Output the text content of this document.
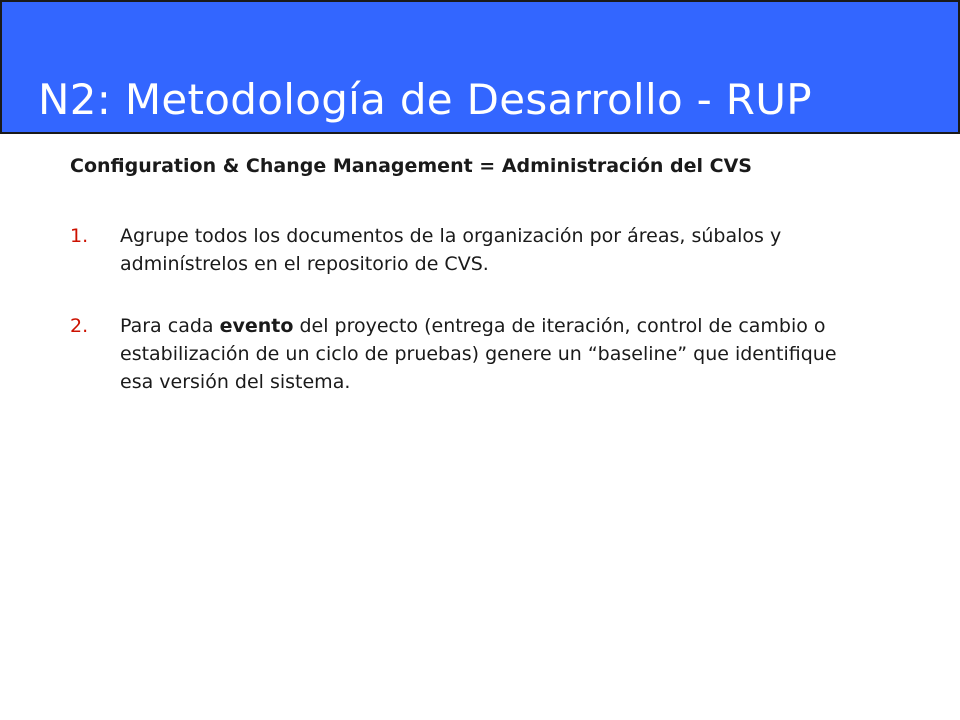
N2: Metodología de Desarrollo - RUP

Configuration & Change Management = Administración del CVS

1. Agrupe todos los documentos de la organización por áreas, súbalos y adminístrelos en el repositorio de CVS.
2. Para cada evento del proyecto (entrega de iteración, control de cambio o estabilización de un ciclo de pruebas) genere un “baseline” que identifique esa versión del sistema.
